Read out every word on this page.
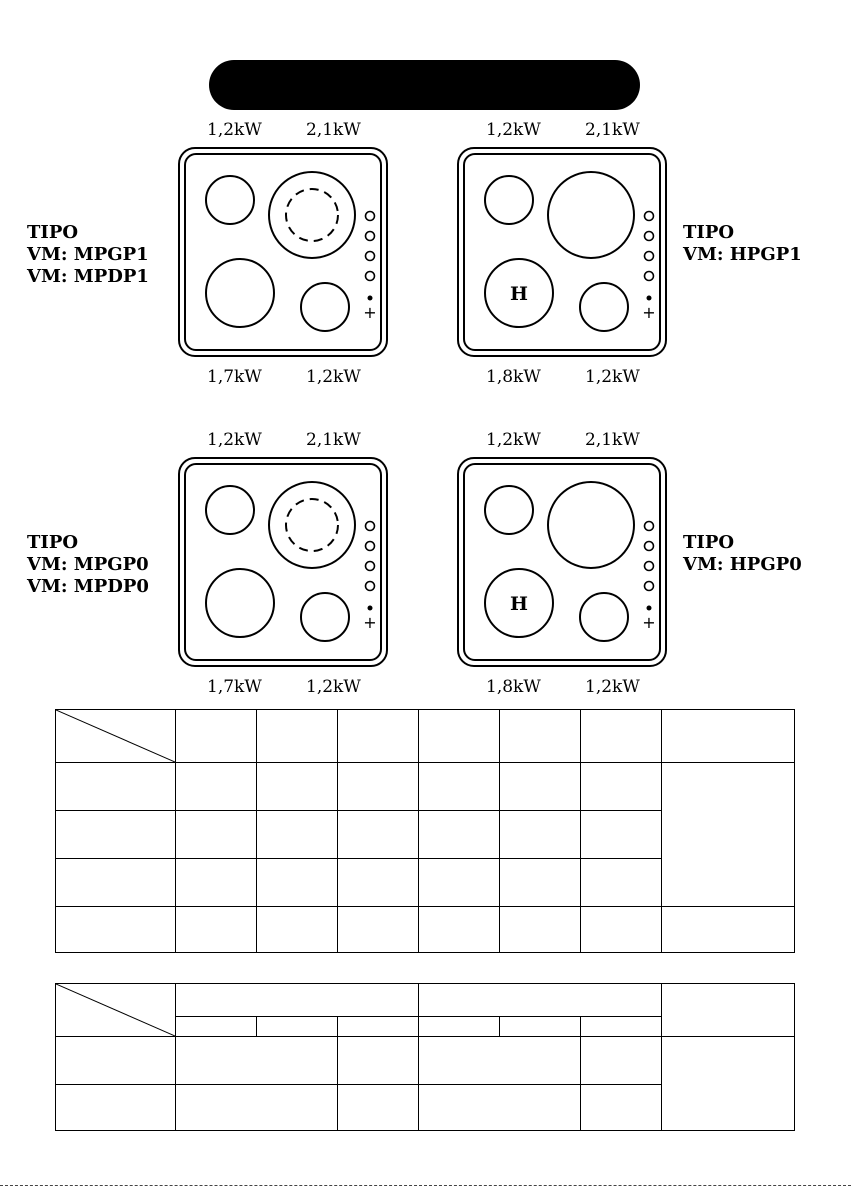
1,2kW	2,1kW
+
1,7kW	1,2kW
TIPO
VM: MPGP1
VM: MPDP1
1,2kW	2,1kW
H
+
1,8kW	1,2kW
TIPO
VM: HPGP1
1,2kW	2,1kW
+
1,7kW	1,2kW
TIPO
VM: MPGP0
VM: MPDP0
1,2kW	2,1kW
H
+
1,8kW	1,2kW
TIPO
VM: HPGP0
